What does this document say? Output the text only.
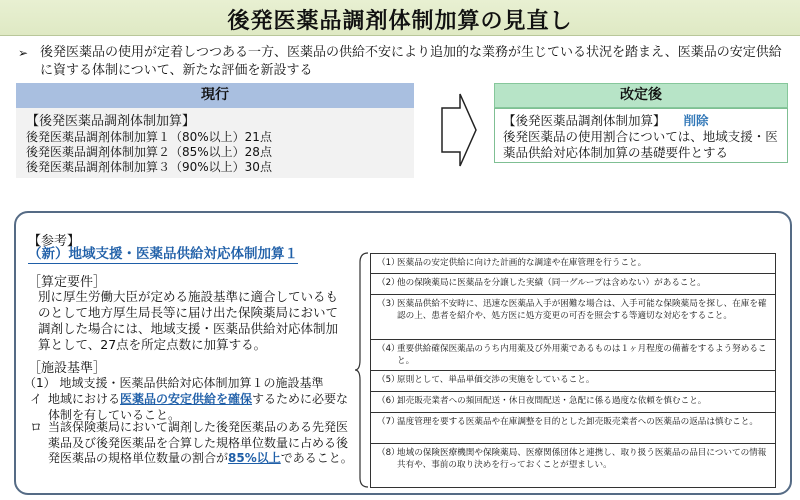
後発医薬品調剤体制加算の見直し
➢ 後発医薬品の使用が定着しつつある一方、医薬品の供給不安により追加的な業務が生じている状況を踏まえ、医薬品の安定供給に資する体制について、新たな評価を新設する
現行
【後発医薬品調剤体制加算】
後発医薬品調剤体制加算１（80%以上）21点
後発医薬品調剤体制加算２（85%以上）28点
後発医薬品調剤体制加算３（90%以上）30点
改定後
【後発医薬品調剤体制加算】 削除
後発医薬品の使用割合については、地域支援・医薬品供給対応体制加算の基礎要件とする
【参考】
（新）地域支援・医薬品供給対応体制加算１
［算定要件］
別に厚生労働大臣が定める施設基準に適合しているものとして地方厚生局長等に届け出た保険薬局において調剤した場合には、地域支援・医薬品供給対応体制加算として、27点を所定点数に加算する。
［施設基準］
（1） 地域支援・医薬品供給対応体制加算１の施設基準
イ 地域における医薬品の安定供給を確保するために必要な体制を有していること。
ロ 当該保険薬局において調剤した後発医薬品のある先発医薬品及び後発医薬品を合算した規格単位数量に占める後発医薬品の規格単位数量の割合が85%以上であること。
（1）
医薬品の安定供給に向けた計画的な調達や在庫管理を行うこと。
（2）
他の保険薬局に医薬品を分譲した実績（同一グループは含めない）があること。
（3）
医薬品供給不安時に、迅速な医薬品入手が困難な場合は、入手可能な保険薬局を探し、在庫を確認の上、患者を紹介や、処方医に処方変更の可否を照会する等適切な対応をすること。
（4）
重要供給確保医薬品のうち内用薬及び外用薬であるものは１ヶ月程度の備蓄をするよう努めること。
（5）
原則として、単品単価交渉の実施をしていること。
（6）
卸売販売業者への頻回配送・休日夜間配送・急配に係る過度な依頼を慎むこと。
（7）
温度管理を要する医薬品や在庫調整を目的とした卸売販売業者への医薬品の返品は慎むこと。
（8）
地域の保険医療機関や保険薬局、医療関係団体と連携し、取り扱う医薬品の品目についての情報共有や、事前の取り決めを行っておくことが望ましい。
